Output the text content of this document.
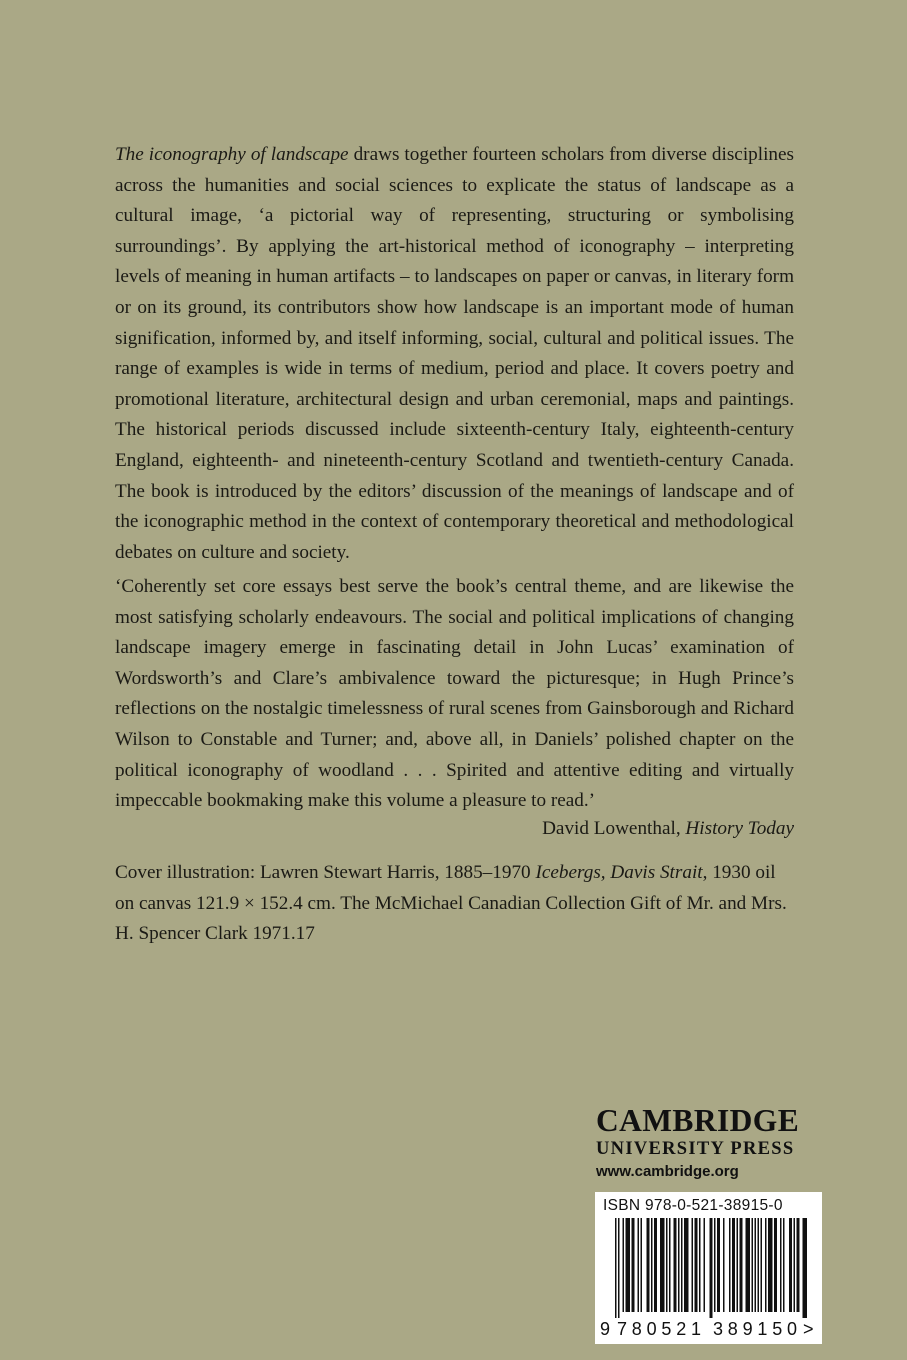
The iconography of landscape draws together fourteen scholars from diverse disciplines across the humanities and social sciences to explicate the status of landscape as a cultural image, ‘a pictorial way of representing, structuring or symbolising surroundings’. By applying the art-historical method of iconography – interpreting levels of meaning in human artifacts – to landscapes on paper or canvas, in literary form or on its ground, its contributors show how landscape is an important mode of human signification, informed by, and itself informing, social, cultural and political issues. The range of examples is wide in terms of medium, period and place. It covers poetry and promotional literature, architectural design and urban ceremonial, maps and paintings. The historical periods discussed include sixteenth-century Italy, eighteenth-century England, eighteenth- and nineteenth-century Scotland and twentieth-century Canada. The book is introduced by the editors’ discussion of the meanings of landscape and of the iconographic method in the context of contemporary theoretical and methodological debates on culture and society.

‘Coherently set core essays best serve the book’s central theme, and are likewise the most satisfying scholarly endeavours. The social and political implications of changing landscape imagery emerge in fascinating detail in John Lucas’ examination of Wordsworth’s and Clare’s ambivalence toward the picturesque; in Hugh Prince’s reflections on the nostalgic timelessness of rural scenes from Gainsborough and Richard Wilson to Constable and Turner; and, above all, in Daniels’ polished chapter on the political iconography of woodland . . . Spirited and attentive editing and virtually impeccable bookmaking make this volume a pleasure to read.’

David Lowenthal, History Today

Cover illustration: Lawren Stewart Harris, 1885–1970 Icebergs, Davis Strait, 1930 oil on canvas 121.9 × 152.4 cm. The McMichael Canadian Collection Gift of Mr. and Mrs. H. Spencer Clark 1971.17

CAMBRIDGE
UNIVERSITY PRESS
www.cambridge.org
ISBN 978-0-521-38915-0
9 780521 389150 >
